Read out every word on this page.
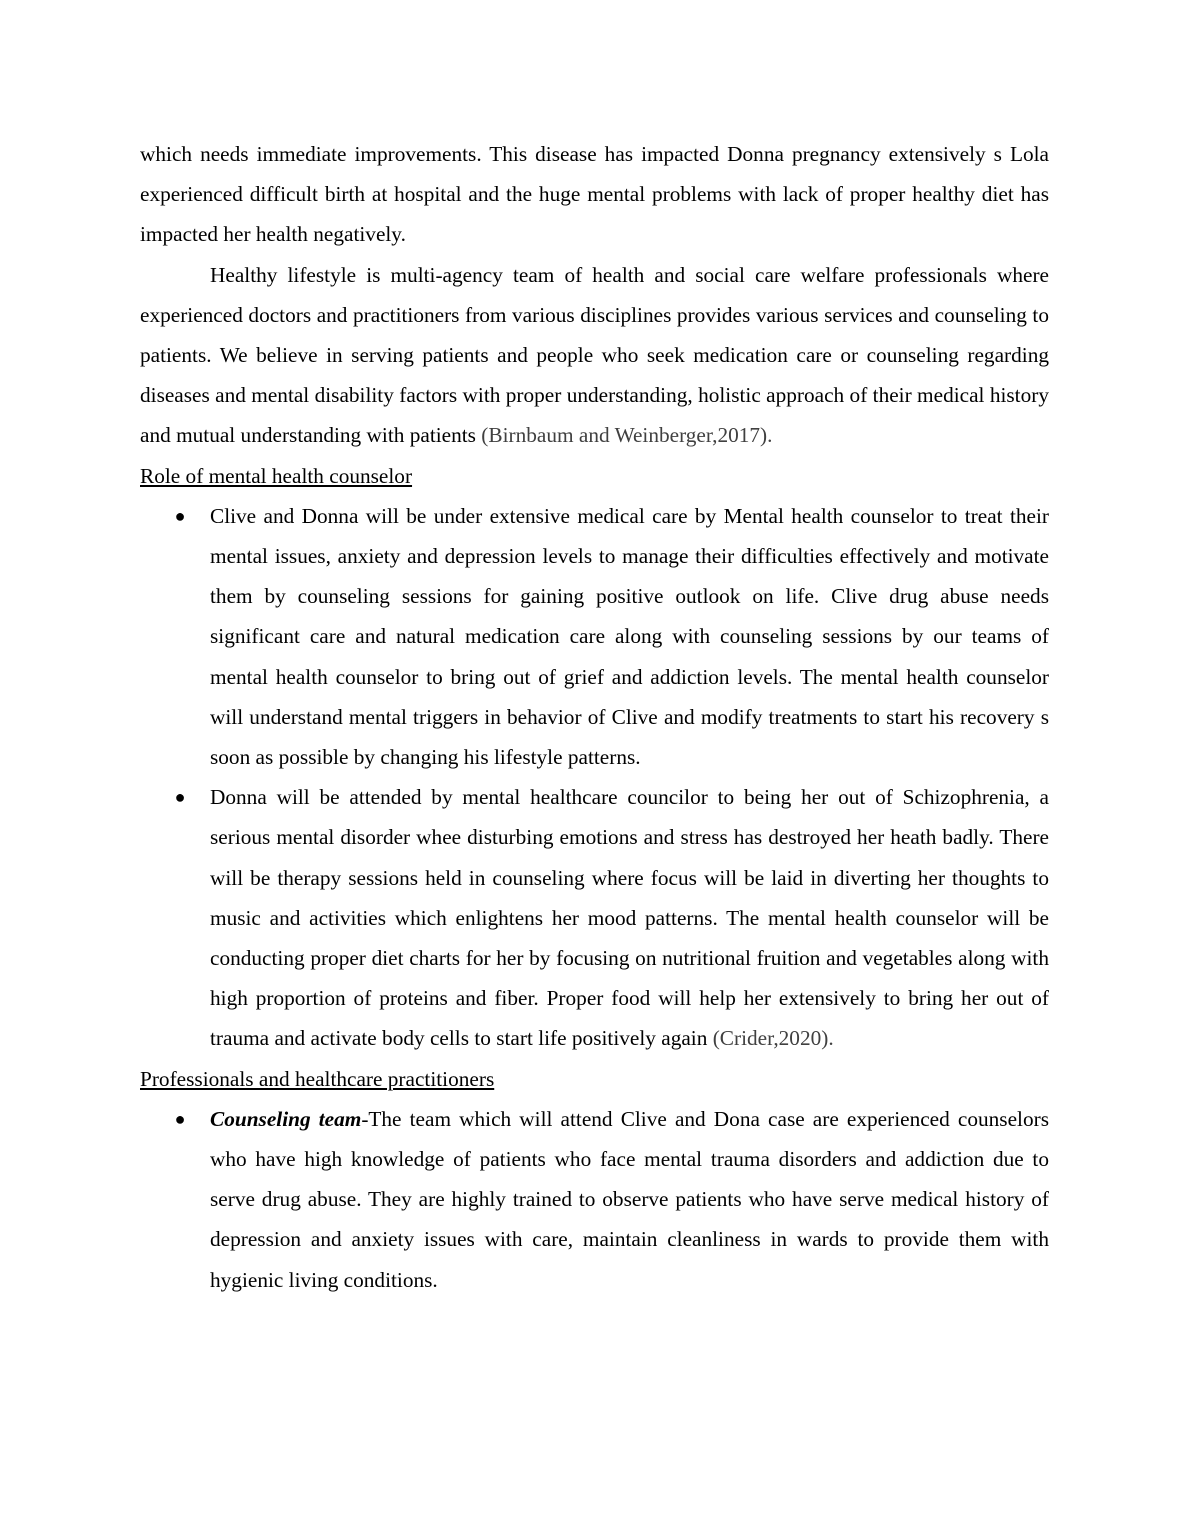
which needs immediate improvements. This disease has impacted Donna pregnancy extensively s Lola experienced difficult birth at hospital and the huge mental problems with lack of proper healthy diet has impacted her health negatively.

Healthy lifestyle is multi-agency team of health and social care welfare professionals where experienced doctors and practitioners from various disciplines provides various services and counseling to patients. We believe in serving patients and people who seek medication care or counseling regarding diseases and mental disability factors with proper understanding, holistic approach of their medical history and mutual understanding with patients (Birnbaum and Weinberger,2017).

Role of mental health counselor

● Clive and Donna will be under extensive medical care by Mental health counselor to treat their mental issues, anxiety and depression levels to manage their difficulties effectively and motivate them by counseling sessions for gaining positive outlook on life. Clive drug abuse needs significant care and natural medication care along with counseling sessions by our teams of mental health counselor to bring out of grief and addiction levels. The mental health counselor will understand mental triggers in behavior of Clive and modify treatments to start his recovery s soon as possible by changing his lifestyle patterns.
● Donna will be attended by mental healthcare councilor to being her out of Schizophrenia, a serious mental disorder whee disturbing emotions and stress has destroyed her heath badly. There will be therapy sessions held in counseling where focus will be laid in diverting her thoughts to music and activities which enlightens her mood patterns. The mental health counselor will be conducting proper diet charts for her by focusing on nutritional fruition and vegetables along with high proportion of proteins and fiber. Proper food will help her extensively to bring her out of trauma and activate body cells to start life positively again (Crider,2020).

Professionals and healthcare practitioners

● Counseling team-The team which will attend Clive and Dona case are experienced counselors who have high knowledge of patients who face mental trauma disorders and addiction due to serve drug abuse. They are highly trained to observe patients who have serve medical history of depression and anxiety issues with care, maintain cleanliness in wards to provide them with hygienic living conditions.
